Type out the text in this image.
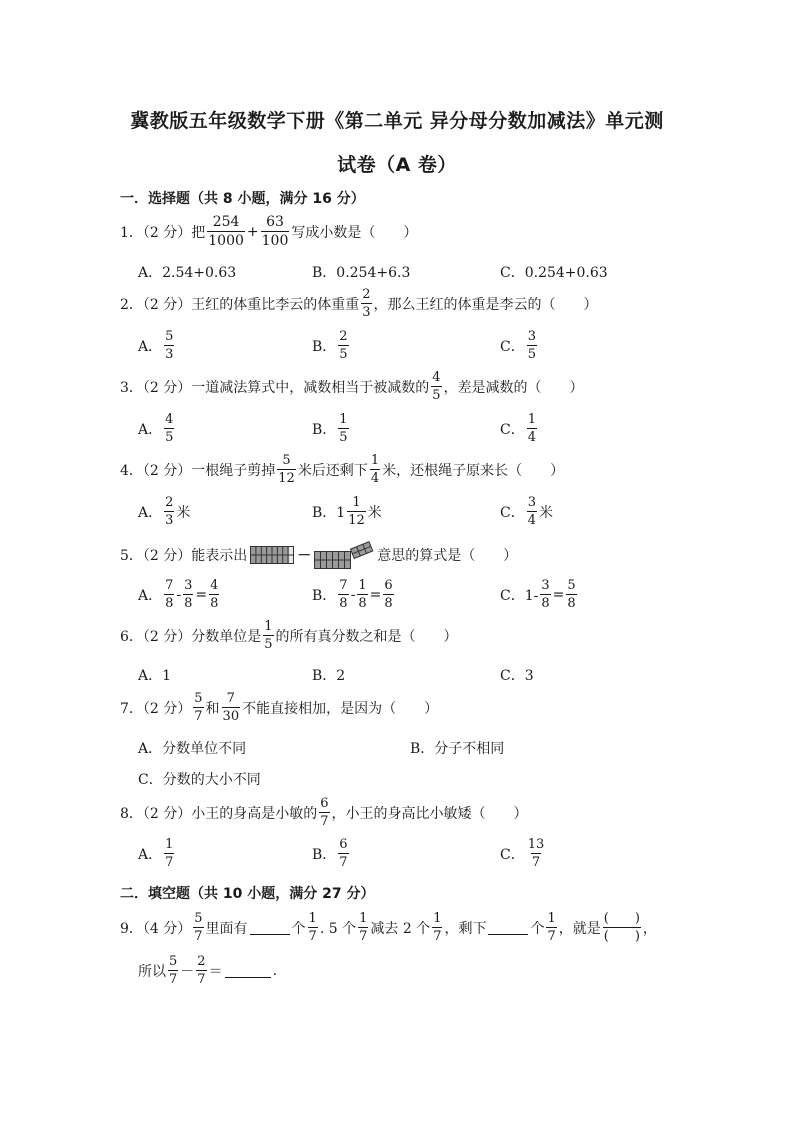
冀教版五年级数学下册《第二单元 异分母分数加减法》单元测
试卷（A 卷）
一．选择题（共 8 小题，满分 16 分）
1．（2 分）把 $\frac{254}{1000} + \frac{63}{100}$ 写成小数是（　　）
A．2.54+0.63	B．0.254+6.3	C．0.254+0.63
2．（2 分）王红的体重比李云的体重重 $\frac{2}{3}$ ，那么王红的体重是李云的（　　）
A． $\frac{5}{3}$	B． $\frac{2}{5}$	C． $\frac{3}{5}$
3．（2 分）一道减法算式中，减数相当于被减数的 $\frac{4}{5}$ ，差是减数的（　　）
A． $\frac{4}{5}$	B． $\frac{1}{5}$	C． $\frac{1}{4}$
4．（2 分）一根绳子剪掉 $\frac{5}{12}$ 米后还剩下 $\frac{1}{4}$ 米，还根绳子原来长（　　）
A． $\frac{2}{3}$ 米	B．$1 \frac{1}{12}$ 米	C． $\frac{3}{4}$ 米
5．（2 分）能表示出	－	意思的算式是（　　）
A． $\frac{7}{8} - \frac{3}{8} = \frac{4}{8}$	B． $\frac{7}{8} - \frac{1}{8} = \frac{6}{8}$	C．$1- \frac{3}{8} = \frac{5}{8}$
6．（2 分）分数单位是 $\frac{1}{5}$ 的所有真分数之和是（　　）
A．1	B．2	C．3
7．（2 分） $\frac{5}{7}$ 和 $\frac{7}{30}$ 不能直接相加，是因为（　　）
A．分数单位不同	B．分子不相同
C．分数的大小不同
8．（2 分）小王的身高是小敏的 $\frac{6}{7}$ ，小王的身高比小敏矮（　　）
A． $\frac{1}{7}$	B． $\frac{6}{7}$	C． $\frac{13}{7}$
二．填空题（共 10 小题，满分 27 分）
9．（4 分） $\frac{5}{7}$ 里面有	个 $\frac{1}{7}$ . 5 个 $\frac{1}{7}$ 减去 2 个 $\frac{1}{7}$ ，剩下	个 $\frac{1}{7}$ ，就是 $\frac{( )}{( )}$ ，
所以 $\frac{5}{7} - \frac{2}{7}$ ＝	.
